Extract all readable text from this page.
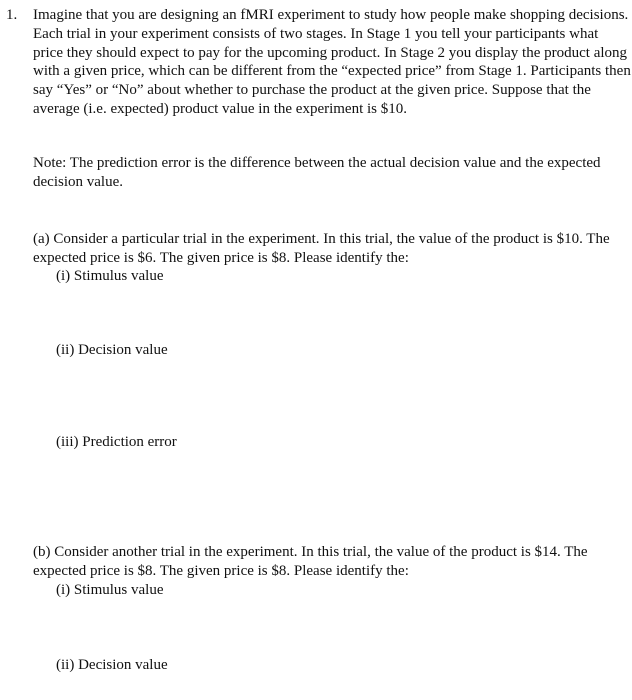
1. Imagine that you are designing an fMRI experiment to study how people make shopping decisions. Each trial in your experiment consists of two stages. In Stage 1 you tell your participants what price they should expect to pay for the upcoming product. In Stage 2 you display the product along with a given price, which can be different from the “expected price” from Stage 1. Participants then say “Yes” or “No” about whether to purchase the product at the given price. Suppose that the average (i.e. expected) product value in the experiment is $10.

Note: The prediction error is the difference between the actual decision value and the expected decision value.

(a) Consider a particular trial in the experiment. In this trial, the value of the product is $10. The expected price is $6. The given price is $8. Please identify the:

(i) Stimulus value
(ii) Decision value
(iii) Prediction error

(b) Consider another trial in the experiment. In this trial, the value of the product is $14. The expected price is $8. The given price is $8. Please identify the:

(i) Stimulus value
(ii) Decision value
